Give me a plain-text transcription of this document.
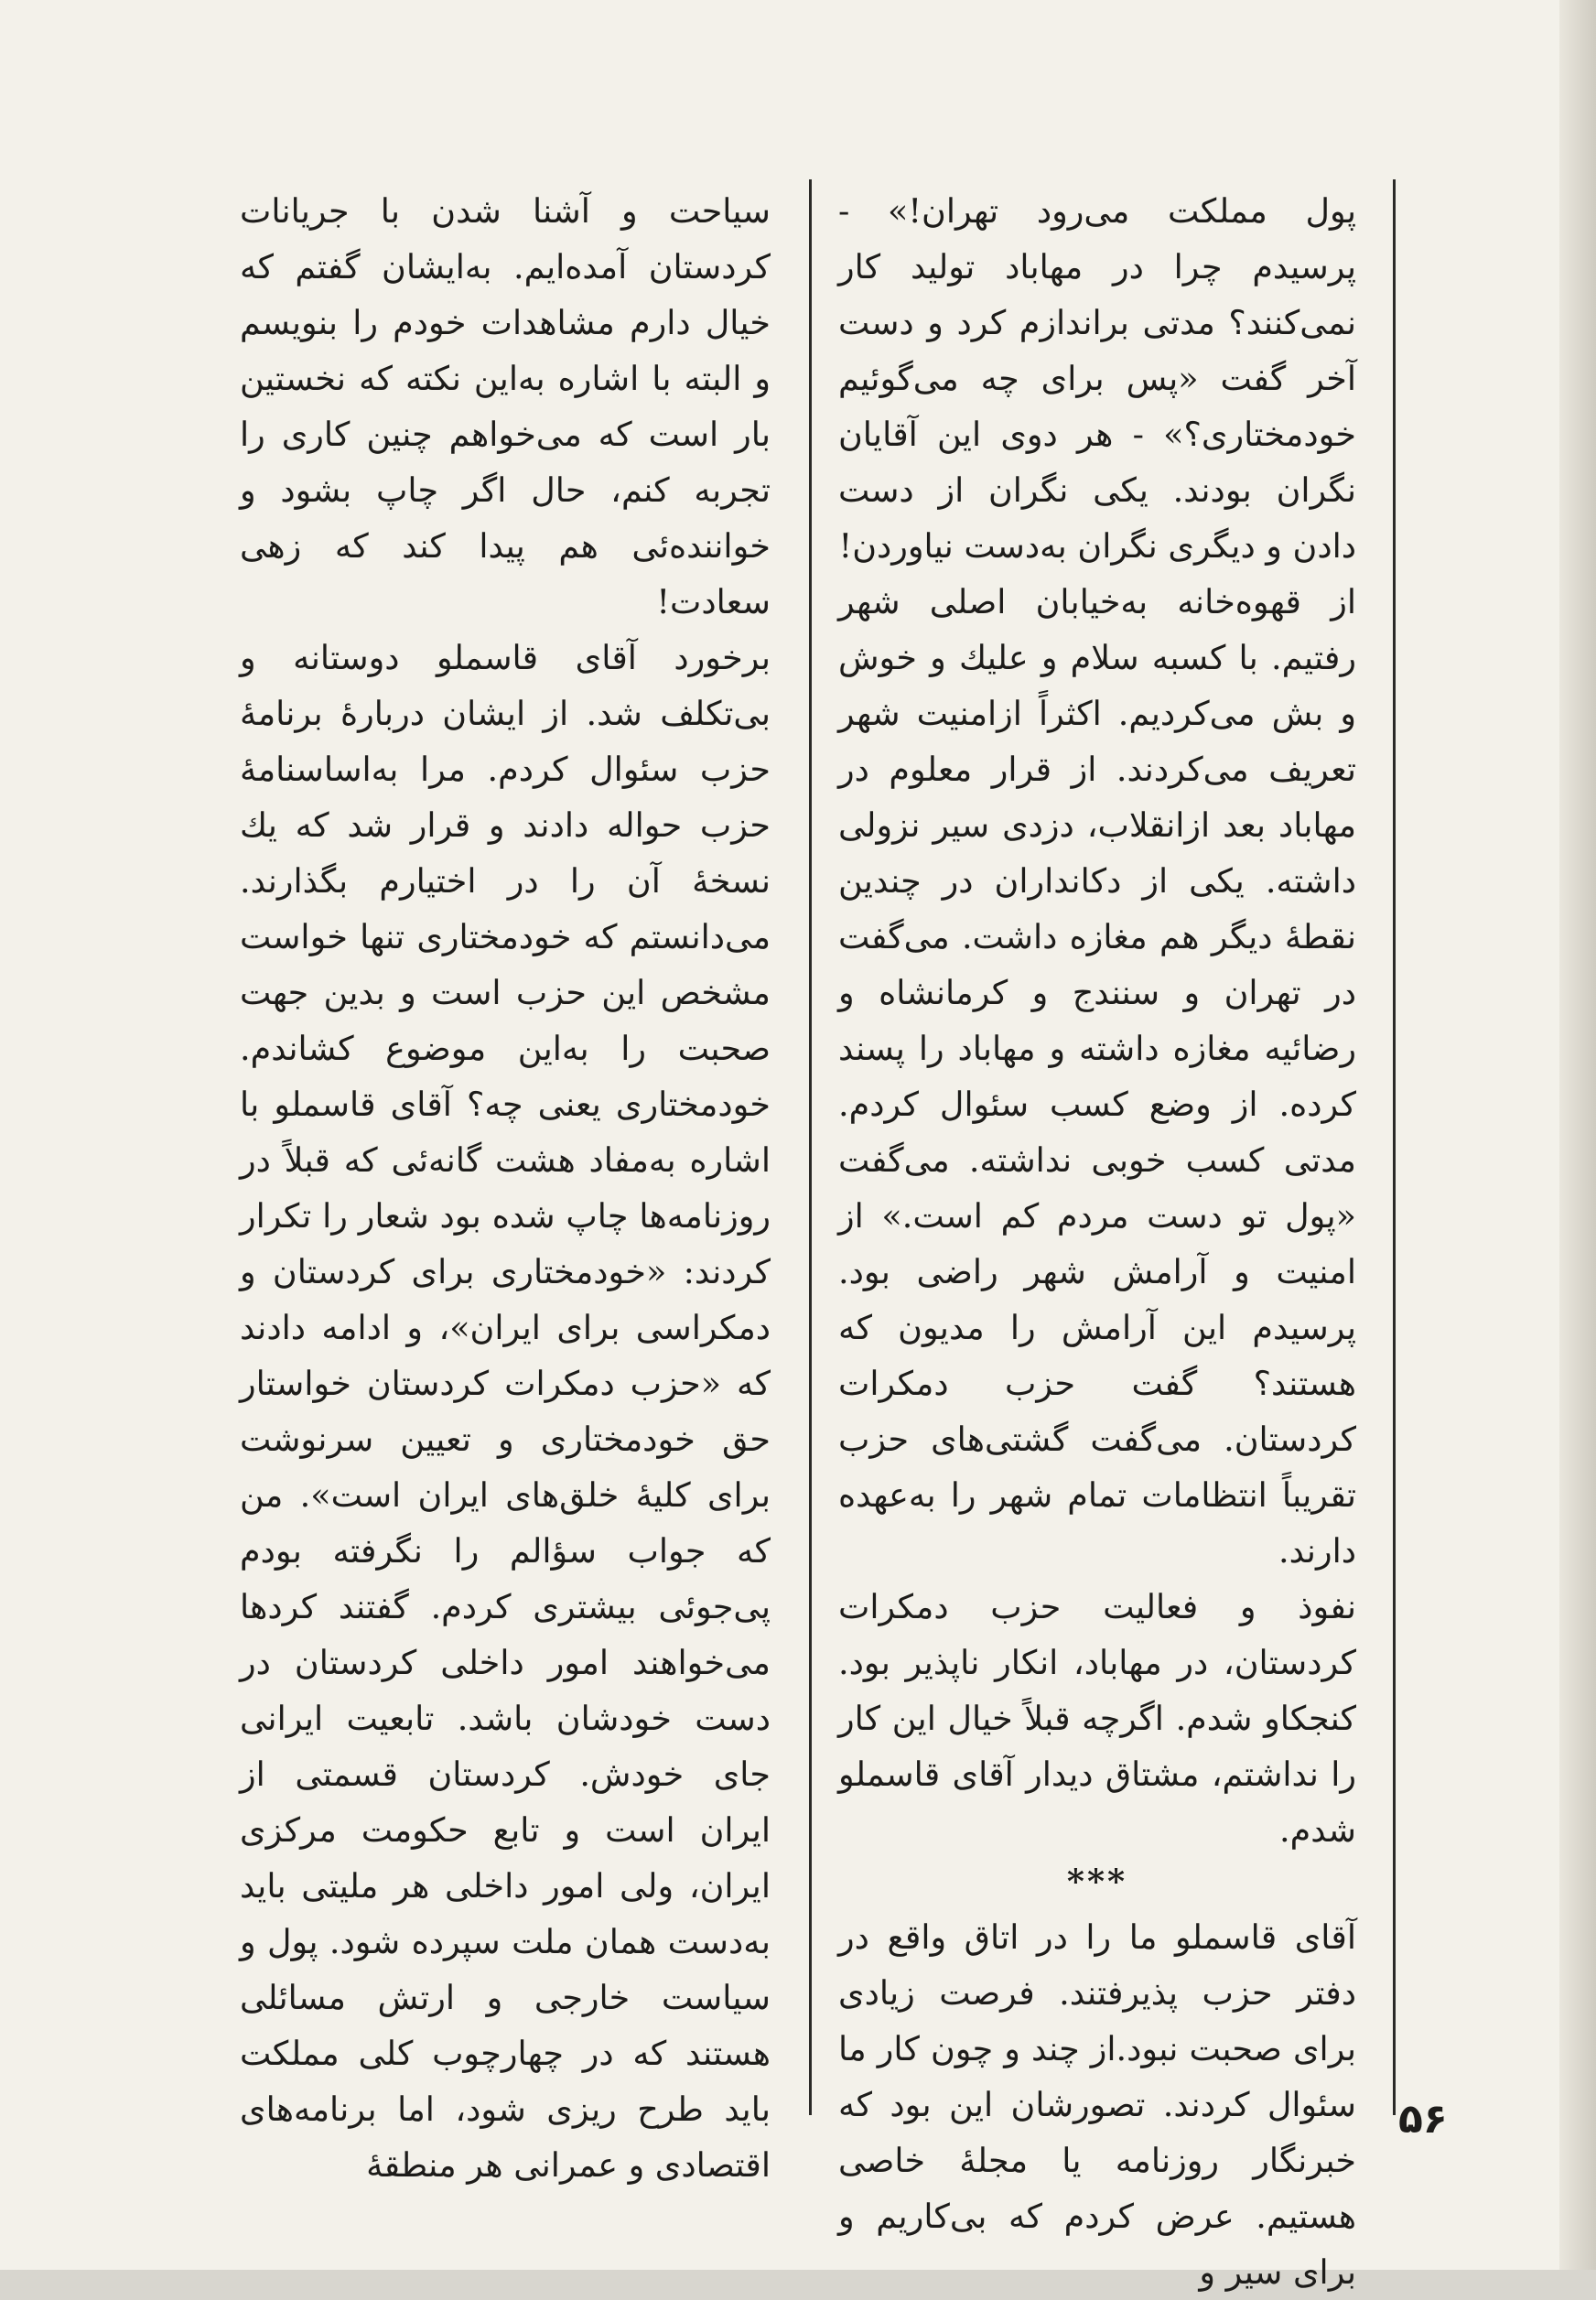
پول مملکت می‌رود تهران!» - پرسیدم چرا در مهاباد تولید کار نمی‌کنند؟ مدتی براندازم کرد و دست آخر گفت «پس برای چه می‌گوئیم خودمختاری؟» - هر دوی این آقایان نگران بودند. یکی نگران از دست دادن و دیگری نگران به‌دست نیاوردن!

از قهوه‌خانه به‌خیابان اصلی شهر رفتیم. با کسبه سلام و علیك و خوش و بش می‌کردیم. اکثراً ازامنیت شهر تعریف می‌کردند. از قرار معلوم در مهاباد بعد ازانقلاب، دزدی سیر نزولی داشته. یکی از دکانداران در چندین نقطهٔ دیگر هم مغازه داشت. می‌گفت در تهران و سنندج و کرمانشاه و رضائیه مغازه داشته و مهاباد را پسند کرده. از وضع کسب سئوال کردم. مدتی کسب خوبی نداشته. می‌گفت «پول تو دست مردم کم است.» از امنیت و آرامش شهر راضی بود. پرسیدم این آرامش را مدیون که هستند؟ گفت حزب دمکرات کردستان. می‌گفت گشتی‌های حزب تقریباً انتظامات تمام شهر را به‌عهده دارند.

نفوذ و فعالیت حزب دمکرات کردستان، در مهاباد، انکار ناپذیر بود. کنجکاو شدم. اگرچه قبلاً خیال این کار را نداشتم، مشتاق دیدار آقای قاسملو شدم.

***

آقای قاسملو ما را در اتاق واقع در دفتر حزب پذیرفتند. فرصت زیادی برای صحبت نبود.از چند و چون کار ما سئوال کردند. تصورشان این بود که خبرنگار روزنامه یا مجلهٔ خاصی هستیم. عرض کردم که بی‌کاریم و برای سیر و

سیاحت و آشنا شدن با جریانات کردستان آمده‌ایم. به‌ایشان گفتم که خیال دارم مشاهدات خودم را بنویسم و البته با اشاره به‌این نکته که نخستین بار است که می‌خواهم چنین کاری را تجربه کنم، حال اگر چاپ بشود و خواننده‌ئی هم پیدا کند که زهی سعادت!

برخورد آقای قاسملو دوستانه و بی‌تکلف شد. از ایشان دربارهٔ برنامهٔ حزب سئوال کردم. مرا به‌اساسنامهٔ حزب حواله دادند و قرار شد که یك نسخهٔ آن را در اختیارم بگذارند. می‌دانستم که خودمختاری تنها خواست مشخص این حزب است و بدین جهت صحبت را به‌این موضوع کشاندم. خودمختاری یعنی چه؟ آقای قاسملو با اشاره به‌مفاد هشت گانه‌ئی که قبلاً در روزنامه‌ها چاپ شده بود شعار را تکرار کردند: «خودمختاری برای کردستان و دمکراسی برای ایران»، و ادامه دادند که «حزب دمکرات کردستان خواستار حق خودمختاری و تعیین سرنوشت برای کلیهٔ خلق‌های ایران است». من که جواب سؤالم را نگرفته بودم پی‌جوئی بیشتری کردم. گفتند کردها می‌خواهند امور داخلی کردستان در دست خودشان باشد. تابعیت ایرانی جای خودش. کردستان قسمتی از ایران است و تابع حکومت مرکزی ایران، ولی امور داخلی هر ملیتی باید به‌دست همان ملت سپرده شود. پول و سیاست خارجی و ارتش مسائلی هستند که در چهارچوب کلی مملکت باید طرح ریزی شود، اما برنامه‌های اقتصادی و عمرانی هر منطقهٔ

۵۶
